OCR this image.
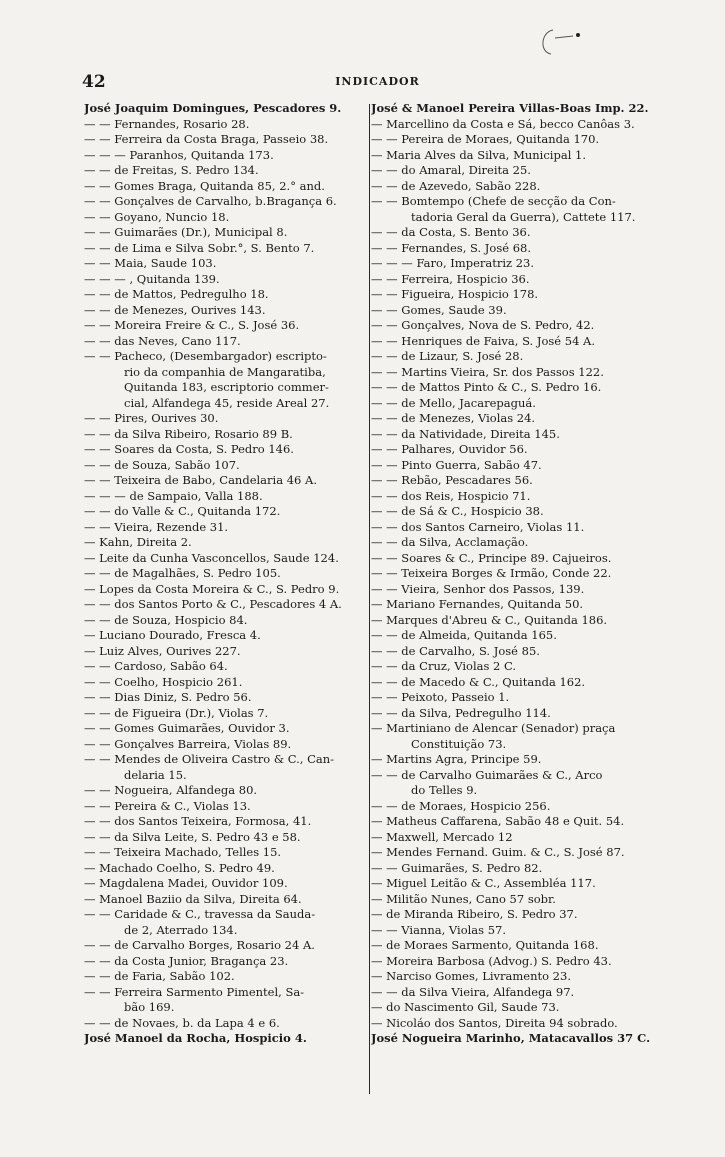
42	INDICADOR
José Joaquim Domingues, Pescadores 9.
— — Fernandes, Rosario 28.
— — Ferreira da Costa Braga, Passeio 38.
— — — Paranhos, Quitanda 173.
— — de Freitas, S. Pedro 134.
— — Gomes Braga, Quitanda 85, 2.° and.
— — Gonçalves de Carvalho, b.Bragança 6.
— — Goyano, Nuncio 18.
— — Guimarães (Dr.), Municipal 8.
— — de Lima e Silva Sobr.°, S. Bento 7.
— — Maia, Saude 103.
— — — , Quitanda 139.
— — de Mattos, Pedregulho 18.
— — de Menezes, Ourives 143.
— — Moreira Freire & C., S. José 36.
— — das Neves, Cano 117.
— — Pacheco, (Desembargador) escripto-
rio da companhia de Mangaratiba,
Quitanda 183, escriptorio commer-
cial, Alfandega 45, reside Areal 27.
— — Pires, Ourives 30.
— — da Silva Ribeiro, Rosario 89 B.
— — Soares da Costa, S. Pedro 146.
— — de Souza, Sabão 107.
— — Teixeira de Babo, Candelaria 46 A.
— — — de Sampaio, Valla 188.
— — do Valle & C., Quitanda 172.
— — Vieira, Rezende 31.
— Kahn, Direita 2.
— Leite da Cunha Vasconcellos, Saude 124.
— — de Magalhães, S. Pedro 105.
— Lopes da Costa Moreira & C., S. Pedro 9.
— — dos Santos Porto & C., Pescadores 4 A.
— — de Souza, Hospicio 84.
— Luciano Dourado, Fresca 4.
— Luiz Alves, Ourives 227.
— — Cardoso, Sabão 64.
— — Coelho, Hospicio 261.
— — Dias Diniz, S. Pedro 56.
— — de Figueira (Dr.), Violas 7.
— — Gomes Guimarães, Ouvidor 3.
— — Gonçalves Barreira, Violas 89.
— — Mendes de Oliveira Castro & C., Can-
delaria 15.
— — Nogueira, Alfandega 80.
— — Pereira & C., Violas 13.
— — dos Santos Teixeira, Formosa, 41.
— — da Silva Leite, S. Pedro 43 e 58.
— — Teixeira Machado, Telles 15.
— Machado Coelho, S. Pedro 49.
— Magdalena Madei, Ouvidor 109.
— Manoel Baziio da Silva, Direita 64.
— — Caridade & C., travessa da Sauda-
de 2, Aterrado 134.
— — de Carvalho Borges, Rosario 24 A.
— — da Costa Junior, Bragança 23.
— — de Faria, Sabão 102.
— — Ferreira Sarmento Pimentel, Sa-
bão 169.
— — de Novaes, b. da Lapa 4 e 6.
José Manoel da Rocha, Hospicio 4.
José & Manoel Pereira Villas-Boas Imp. 22.
— Marcellino da Costa e Sá, becco Canôas 3.
— — Pereira de Moraes, Quitanda 170.
— Maria Alves da Silva, Municipal 1.
— — do Amaral, Direita 25.
— — de Azevedo, Sabão 228.
— — Bomtempo (Chefe de secção da Con-
tadoria Geral da Guerra), Cattete 117.
— — da Costa, S. Bento 36.
— — Fernandes, S. José 68.
— — — Faro, Imperatriz 23.
— — Ferreira, Hospicio 36.
— — Figueira, Hospicio 178.
— — Gomes, Saude 39.
— — Gonçalves, Nova de S. Pedro, 42.
— — Henriques de Faiva, S. José 54 A.
— — de Lizaur, S. José 28.
— — Martins Vieira, Sr. dos Passos 122.
— — de Mattos Pinto & C., S. Pedro 16.
— — de Mello, Jacarepaguá.
— — de Menezes, Violas 24.
— — da Natividade, Direita 145.
— — Palhares, Ouvidor 56.
— — Pinto Guerra, Sabão 47.
— — Rebão, Pescadares 56.
— — dos Reis, Hospicio 71.
— — de Sá & C., Hospicio 38.
— — dos Santos Carneiro, Violas 11.
— — da Silva, Acclamação.
— — Soares & C., Principe 89. Cajueiros.
— — Teixeira Borges & Irmão, Conde 22.
— — Vieira, Senhor dos Passos, 139.
— Mariano Fernandes, Quitanda 50.
— Marques d'Abreu & C., Quitanda 186.
— — de Almeida, Quitanda 165.
— — de Carvalho, S. José 85.
— — da Cruz, Violas 2 C.
— — de Macedo & C., Quitanda 162.
— — Peixoto, Passeio 1.
— — da Silva, Pedregulho 114.
— Martiniano de Alencar (Senador) praça
Constituição 73.
— Martins Agra, Principe 59.
— — de Carvalho Guimarães & C., Arco
do Telles 9.
— — de Moraes, Hospicio 256.
— Matheus Caffarena, Sabão 48 e Quit. 54.
— Maxwell, Mercado 12
— Mendes Fernand. Guim. & C., S. José 87.
— — Guimarães, S. Pedro 82.
— Miguel Leitão & C., Assembléa 117.
— Militão Nunes, Cano 57 sobr.
— de Miranda Ribeiro, S. Pedro 37.
— — Vianna, Violas 57.
— de Moraes Sarmento, Quitanda 168.
— Moreira Barbosa (Advog.) S. Pedro 43.
— Narciso Gomes, Livramento 23.
— — da Silva Vieira, Alfandega 97.
— do Nascimento Gil, Saude 73.
— Nicoláo dos Santos, Direita 94 sobrado.
José Nogueira Marinho, Matacavallos 37 C.
